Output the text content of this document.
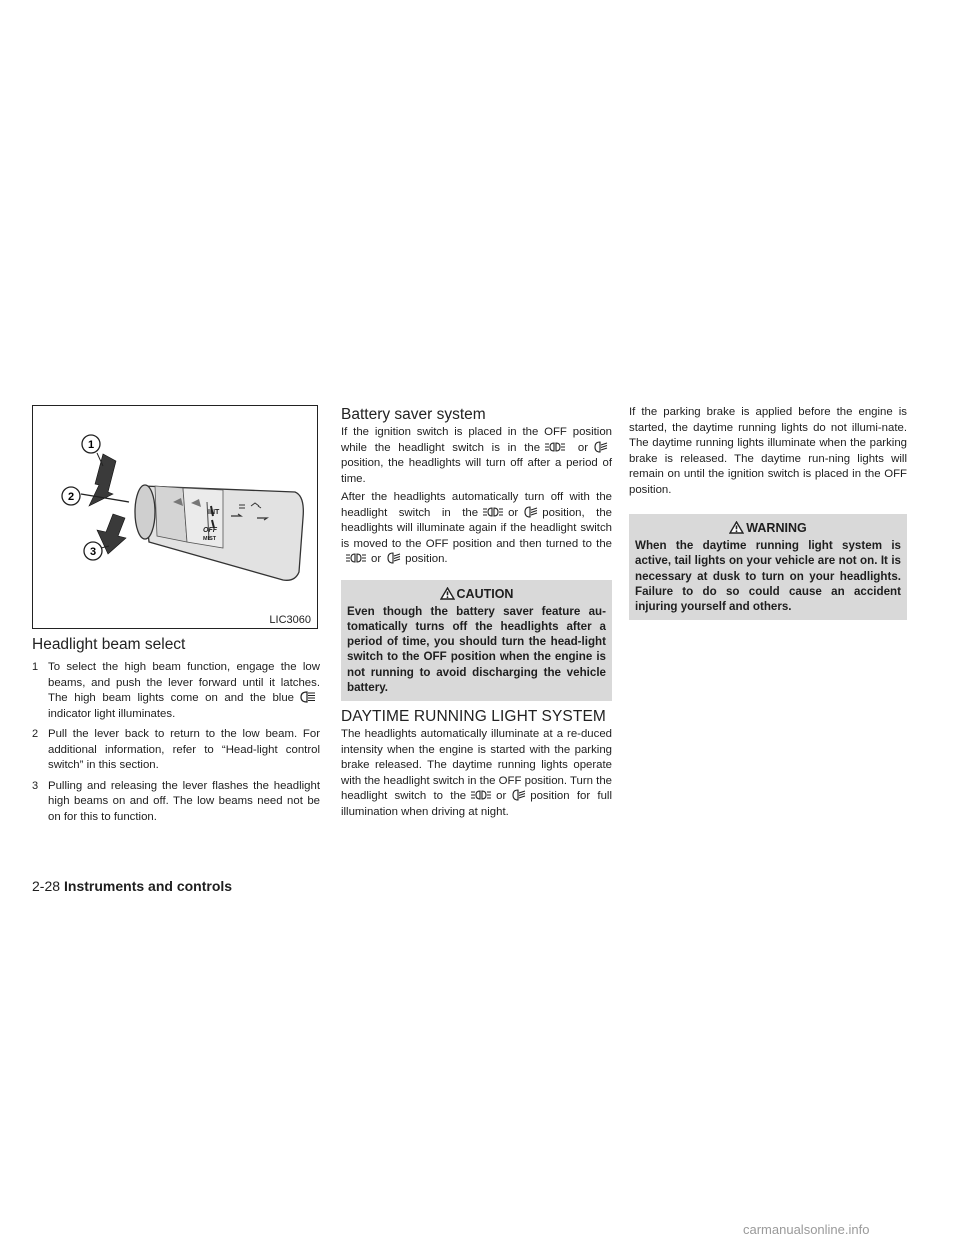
INT
OFF
MIST
1
2
3
LIC3060
Headlight beam select
1 To select the high beam function, engage the low beams, and push the lever forward until it latches. The high beam lights come on and the blueindicator light illuminates.
2 Pull the lever back to return to the low beam. For additional information, refer to “Head-light control switch” in this section.
3 Pulling and releasing the lever flashes the headlight high beams on and off. The low beams need not be on for this to function.
Battery saver system

If the ignition switch is placed in the OFF position while the headlight switch is in the	orposition, the headlights will turn off after a period of time.

After the headlights automatically turn off with the headlight switch in the	or position, the headlights will illuminate again if the headlight switch is moved to the OFF position and then turned to theor position.

CAUTION
Even though the battery saver feature au-tomatically turns off the headlights after a period of time, you should turn the head-light switch to the OFF position when the engine is not running to avoid discharging the vehicle battery.
DAYTIME RUNNING LIGHT SYSTEM

The headlights automatically illuminate at a re-duced intensity when the engine is started with the parking brake released. The daytime running lights operate with the headlight switch in the OFF position. Turn the headlight switch to the	or position for full illumination when driving at night.

If the parking brake is applied before the engine is started, the daytime running lights do not illumi-nate. The daytime running lights illuminate when the parking brake is released. The daytime run-ning lights will remain on until the ignition switch is placed in the OFF position.

WARNING
When the daytime running light system is active, tail lights on your vehicle are not on. It is necessary at dusk to turn on your headlights. Failure to do so could cause an accident injuring yourself and others.
2-28 Instruments and controls
carmanualsonline.info
